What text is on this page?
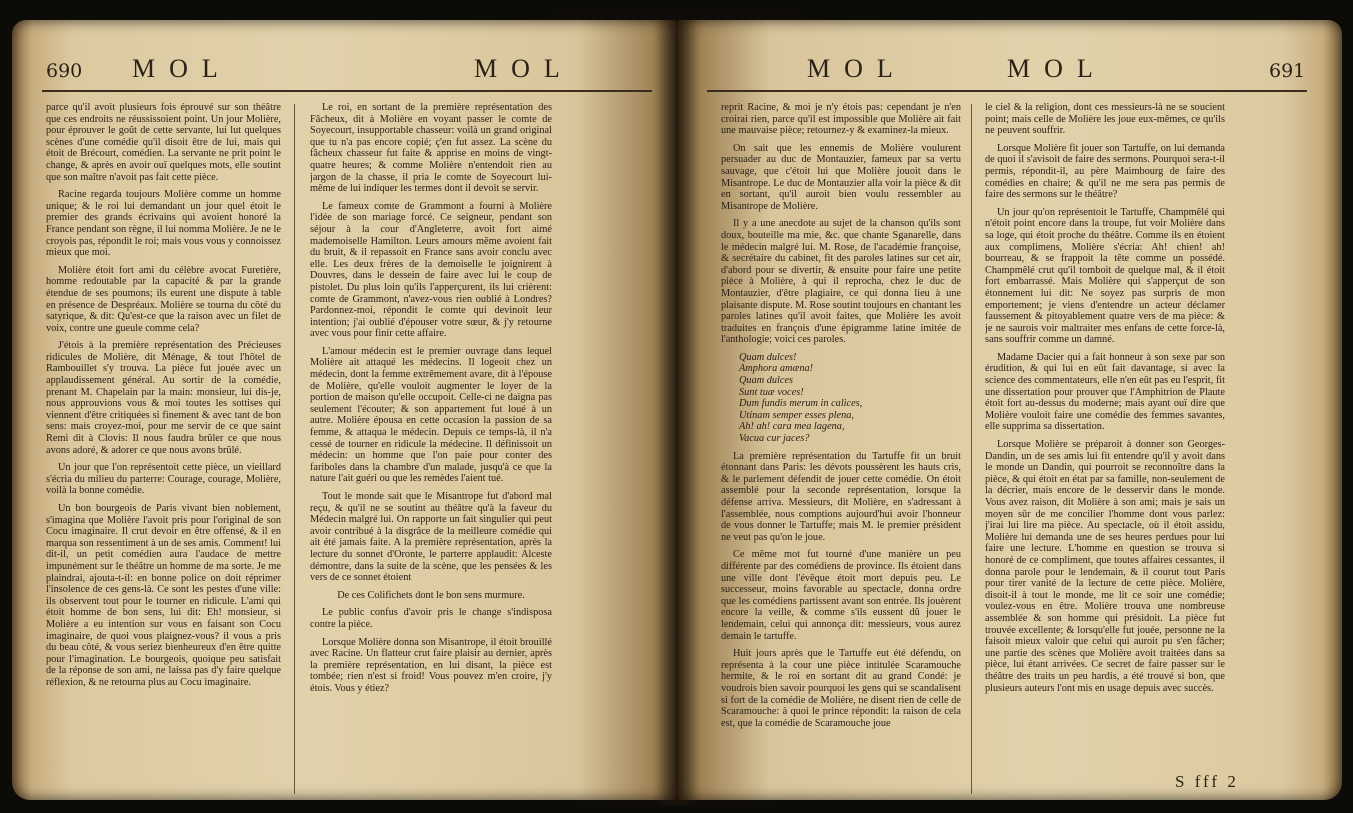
690 MOL	MOL

parce qu'il avoit plusieurs fois éprouvé sur son théâtre que ces endroits ne réussissoient point. Un jour Molière, pour éprouver le goût de cette servante, lui lut quelques scènes d'une comédie qu'il disoit être de lui, mais qui étoit de Brécourt, comédien. La servante ne prit point le change, & après en avoir ouï quelques mots, elle soutint que son maître n'avoit pas fait cette pièce.

Racine regarda toujours Molière comme un homme unique; & le roi lui demandant un jour quel étoit le premier des grands écrivains qui avoient honoré la France pendant son règne, il lui nomma Molière. Je ne le croyois pas, répondit le roi; mais vous vous y connoissez mieux que moi.

Molière étoit fort ami du célèbre avocat Furetière, homme redoutable par la capacité & par la grande étendue de ses poumons; ils eurent une dispute à table en présence de Despréaux. Molière se tourna du côté du satyrique, & dit: Qu'est-ce que la raison avec un filet de voix, contre une gueule comme cela?

J'étois à la première représentation des Précieuses ridicules de Molière, dit Ménage, & tout l'hôtel de Rambouillet s'y trouva. La pièce fut jouée avec un applaudissement général. Au sortir de la comédie, prenant M. Chapelain par la main: monsieur, lui dis-je, nous approuvions vous & moi toutes les sottises qui viennent d'être critiquées si finement & avec tant de bon sens: mais croyez-moi, pour me servir de ce que saint Remi dit à Clovis: Il nous faudra brûler ce que nous avons adoré, & adorer ce que nous avons brûlé.

Un jour que l'on représentoit cette pièce, un vieillard s'écria du milieu du parterre: Courage, courage, Molière, voilà la bonne comédie.

Un bon bourgeois de Paris vivant bien noblement, s'imagina que Molière l'avoit pris pour l'original de son Cocu imaginaire. Il crut devoir en être offensé, & il en marqua son ressentiment à un de ses amis. Comment! lui dit-il, un petit comédien aura l'audace de mettre impunément sur le théâtre un homme de ma sorte. Je me plaindrai, ajouta-t-il: en bonne police on doit réprimer l'insolence de ces gens-là. Ce sont les pestes d'une ville: ils observent tout pour le tourner en ridicule. L'ami qui étoit homme de bon sens, lui dit: Eh! monsieur, si Molière a eu intention sur vous en faisant son Cocu imaginaire, de quoi vous plaignez-vous? il vous a pris du beau côté, & vous seriez bienheureux d'en être quitte pour l'imagination. Le bourgeois, quoique peu satisfait de la réponse de son ami, ne laissa pas d'y faire quelque réflexion, & ne retourna plus au Cocu imaginaire.

Le roi, en sortant de la première représentation des Fâcheux, dit à Molière en voyant passer le comte de Soyecourt, insupportable chasseur: voilà un grand original que tu n'a pas encore copié; ç'en fut assez. La scène du fâcheux chasseur fut faite & apprise en moins de vingt-quatre heures; & comme Molière n'entendoit rien au jargon de la chasse, il pria le comte de Soyecourt lui-même de lui indiquer les termes dont il devoit se servir.

Le fameux comte de Grammont a fourni à Molière l'idée de son mariage forcé. Ce seigneur, pendant son séjour à la cour d'Angleterre, avoit fort aimé mademoiselle Hamilton. Leurs amours même avoient fait du bruit, & il repassoit en France sans avoir conclu avec elle. Les deux frères de la demoiselle le joignirent à Douvres, dans le dessein de faire avec lui le coup de pistolet. Du plus loin qu'ils l'apperçurent, ils lui crièrent: comte de Grammont, n'avez-vous rien oublié à Londres? Pardonnez-moi, répondit le comte qui devinoit leur intention; j'ai oublié d'épouser votre sœur, & j'y retourne avec vous pour finir cette affaire.

L'amour médecin est le premier ouvrage dans lequel Molière ait attaqué les médecins. Il logeoit chez un médecin, dont la femme extrêmement avare, dit à l'épouse de Molière, qu'elle vouloit augmenter le loyer de la portion de maison qu'elle occupoit. Celle-ci ne daigna pas seulement l'écouter; & son appartement fut loué à un autre. Molière épousa en cette occasion la passion de sa femme, & attaqua le médecin. Depuis ce temps-là, il n'a cessé de tourner en ridicule la médecine. Il définissoit un médecin: un homme que l'on paie pour conter des fariboles dans la chambre d'un malade, jusqu'à ce que la nature l'ait guéri ou que les remèdes l'aient tué.

Tout le monde sait que le Misantrope fut d'abord mal reçu, & qu'il ne se soutint au théâtre qu'à la faveur du Médecin malgré lui. On rapporte un fait singulier qui peut avoir contribué à la disgrâce de la meilleure comédie qui ait été jamais faite. A la première représentation, après la lecture du sonnet d'Oronte, le parterre applaudit: Alceste démontre, dans la suite de la scène, que les pensées & les vers de ce sonnet étoient

De ces Colifichets dont le bon sens murmure.

Le public confus d'avoir pris le change s'indisposa contre la pièce.

Lorsque Molière donna son Misantrope, il étoit brouillé avec Racine. Un flatteur crut faire plaisir au dernier, après la première représentation, en lui disant, la pièce est tombée; rien n'est si froid! Vous pouvez m'en croire, j'y étois. Vous y étiez?

MOL	MOL	691

reprit Racine, & moi je n'y étois pas: cependant je n'en croirai rien, parce qu'il est impossible que Molière ait fait une mauvaise pièce; retournez-y & examinez-la mieux.

On sait que les ennemis de Molière voulurent persuader au duc de Montauzier, fameux par sa vertu sauvage, que c'étoit lui que Molière jouoit dans le Misantrope. Le duc de Montauzier alla voir la pièce & dit en sortant, qu'il auroit bien voulu ressembler au Misantrope de Molière.

Il y a une anecdote au sujet de la chanson qu'ils sont doux, bouteille ma mie, &c. que chante Sganarelle, dans le médecin malgré lui. M. Rose, de l'académie françoise, & secrétaire du cabinet, fit des paroles latines sur cet air, d'abord pour se divertir, & ensuite pour faire une petite pièce à Molière, à qui il reprocha, chez le duc de Montauzier, d'être plagiaire, ce qui donna lieu à une plaisante dispute. M. Rose soutint toujours en chantant les paroles latines qu'il avoit faites, que Molière les avoit traduites en françois d'une épigramme latine imitée de l'anthologie; voici ces paroles.

Quam dulces!

Amphora amæna!

Quam dulces

Sunt tuæ voces!

Dum fundis merum in calices,

Utinam semper esses plena,

Ah! ah! cara mea lagena,

Vacua cur jaces?

La première représentation du Tartuffe fit un bruit étonnant dans Paris: les dévots poussèrent les hauts cris, & le parlement défendit de jouer cette comédie. On étoit assemblé pour la seconde représentation, lorsque la défense arriva. Messieurs, dit Molière, en s'adressant à l'assemblée, nous comptions aujourd'hui avoir l'honneur de vous donner le Tartuffe; mais M. le premier président ne veut pas qu'on le joue.

Ce même mot fut tourné d'une manière un peu différente par des comédiens de province. Ils étoient dans une ville dont l'évêque étoit mort depuis peu. Le successeur, moins favorable au spectacle, donna ordre que les comédiens partissent avant son entrée. Ils jouèrent encore la veille, & comme s'ils eussent dû jouer le lendemain, celui qui annonça dit: messieurs, vous aurez demain le tartuffe.

Huit jours après que le Tartuffe eut été défendu, on représenta à la cour une pièce intitulée Scaramouche hermite, & le roi en sortant dit au grand Condé: je voudrois bien savoir pourquoi les gens qui se scandalisent si fort de la comédie de Molière, ne disent rien de celle de Scaramouche: à quoi le prince répondit: la raison de cela est, que la comédie de Scaramouche joue

le ciel & la religion, dont ces messieurs-là ne se soucient point; mais celle de Molière les joue eux-mêmes, ce qu'ils ne peuvent souffrir.

Lorsque Molière fit jouer son Tartuffe, on lui demanda de quoi il s'avisoit de faire des sermons. Pourquoi sera-t-il permis, répondit-il, au père Maimbourg de faire des comédies en chaire; & qu'il ne me sera pas permis de faire des sermons sur le théâtre?

Un jour qu'on représentoit le Tartuffe, Champmêlé qui n'étoit point encore dans la troupe, fut voir Molière dans sa loge, qui étoit proche du théâtre. Comme ils en étoient aux complimens, Molière s'écria: Ah! chien! ah! bourreau, & se frappoit la tête comme un possédé. Champmêlé crut qu'il tomboit de quelque mal, & il étoit fort embarrassé. Mais Molière qui s'apperçut de son étonnement lui dit: Ne soyez pas surpris de mon emportement; je viens d'entendre un acteur déclamer faussement & pitoyablement quatre vers de ma pièce: & je ne saurois voir maltraiter mes enfans de cette force-là, sans souffrir comme un damné.

Madame Dacier qui a fait honneur à son sexe par son érudition, & qui lui en eût fait davantage, si avec la science des commentateurs, elle n'en eût pas eu l'esprit, fit une dissertation pour prouver que l'Amphitrion de Plaute étoit fort au-dessus du moderne; mais ayant ouï dire que Molière vouloit faire une comédie des femmes savantes, elle supprima sa dissertation.

Lorsque Molière se préparoit à donner son Georges-Dandin, un de ses amis lui fit entendre qu'il y avoit dans le monde un Dandin, qui pourroit se reconnoître dans la pièce, & qui étoit en état par sa famille, non-seulement de la décrier, mais encore de le desservir dans le monde. Vous avez raison, dit Molière à son ami; mais je sais un moyen sûr de me concilier l'homme dont vous parlez: j'irai lui lire ma pièce. Au spectacle, où il étoit assidu, Molière lui demanda une de ses heures perdues pour lui faire une lecture. L'homme en question se trouva si honoré de ce compliment, que toutes affaires cessantes, il donna parole pour le lendemain, & il courut tout Paris pour tirer vanité de la lecture de cette pièce. Molière, disoit-il à tout le monde, me lit ce soir une comédie; voulez-vous en être. Molière trouva une nombreuse assemblée & son homme qui présidoit. La pièce fut trouvée excellente; & lorsqu'elle fut jouée, personne ne la faisoit mieux valoir que celui qui auroit pu s'en fâcher; une partie des scènes que Molière avoit traitées dans sa pièce, lui étant arrivées. Ce secret de faire passer sur le théâtre des traits un peu hardis, a été trouvé si bon, que plusieurs auteurs l'ont mis en usage depuis avec succès.

S fff 2
